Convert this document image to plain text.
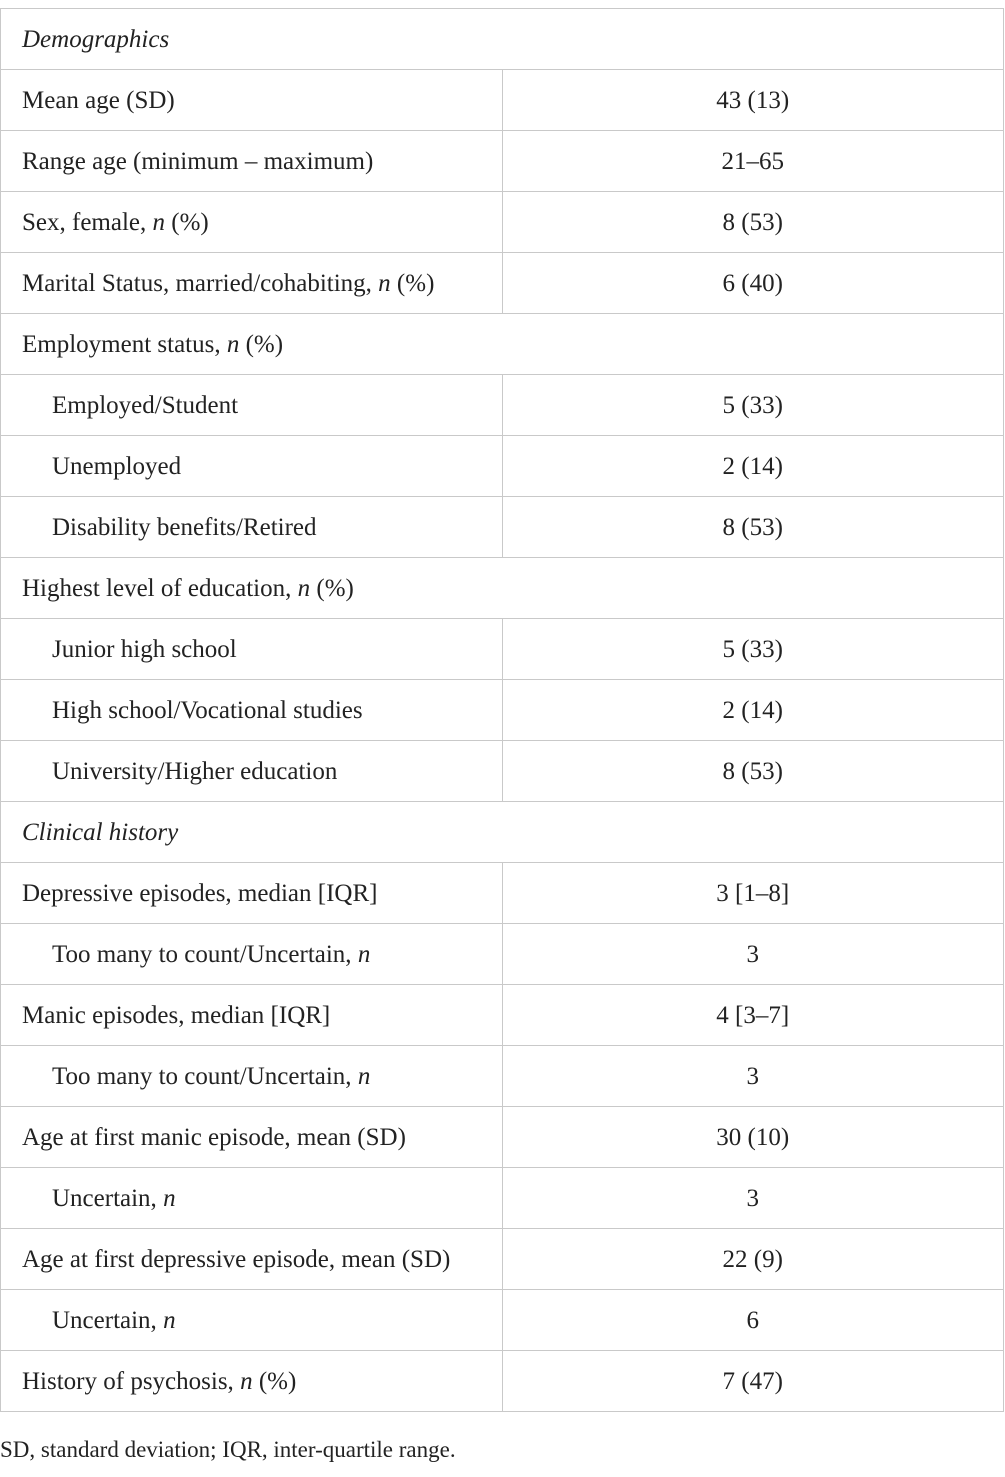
Demographics	
Mean age (SD)	43 (13)
Range age (minimum – maximum)	21–65
Sex, female, n (%)	8 (53)
Marital Status, married/cohabiting, n (%)	6 (40)
Employment status, n (%)	
Employed/Student	5 (33)
Unemployed	2 (14)
Disability benefits/Retired	8 (53)
Highest level of education, n (%)	
Junior high school	5 (33)
High school/Vocational studies	2 (14)
University/Higher education	8 (53)
Clinical history	
Depressive episodes, median [IQR]	3 [1–8]
Too many to count/Uncertain, n	3
Manic episodes, median [IQR]	4 [3–7]
Too many to count/Uncertain, n	3
Age at first manic episode, mean (SD)	30 (10)
Uncertain, n	3
Age at first depressive episode, mean (SD)	22 (9)
Uncertain, n	6
History of psychosis, n (%)	7 (47)
SD, standard deviation; IQR, inter-quartile range.
